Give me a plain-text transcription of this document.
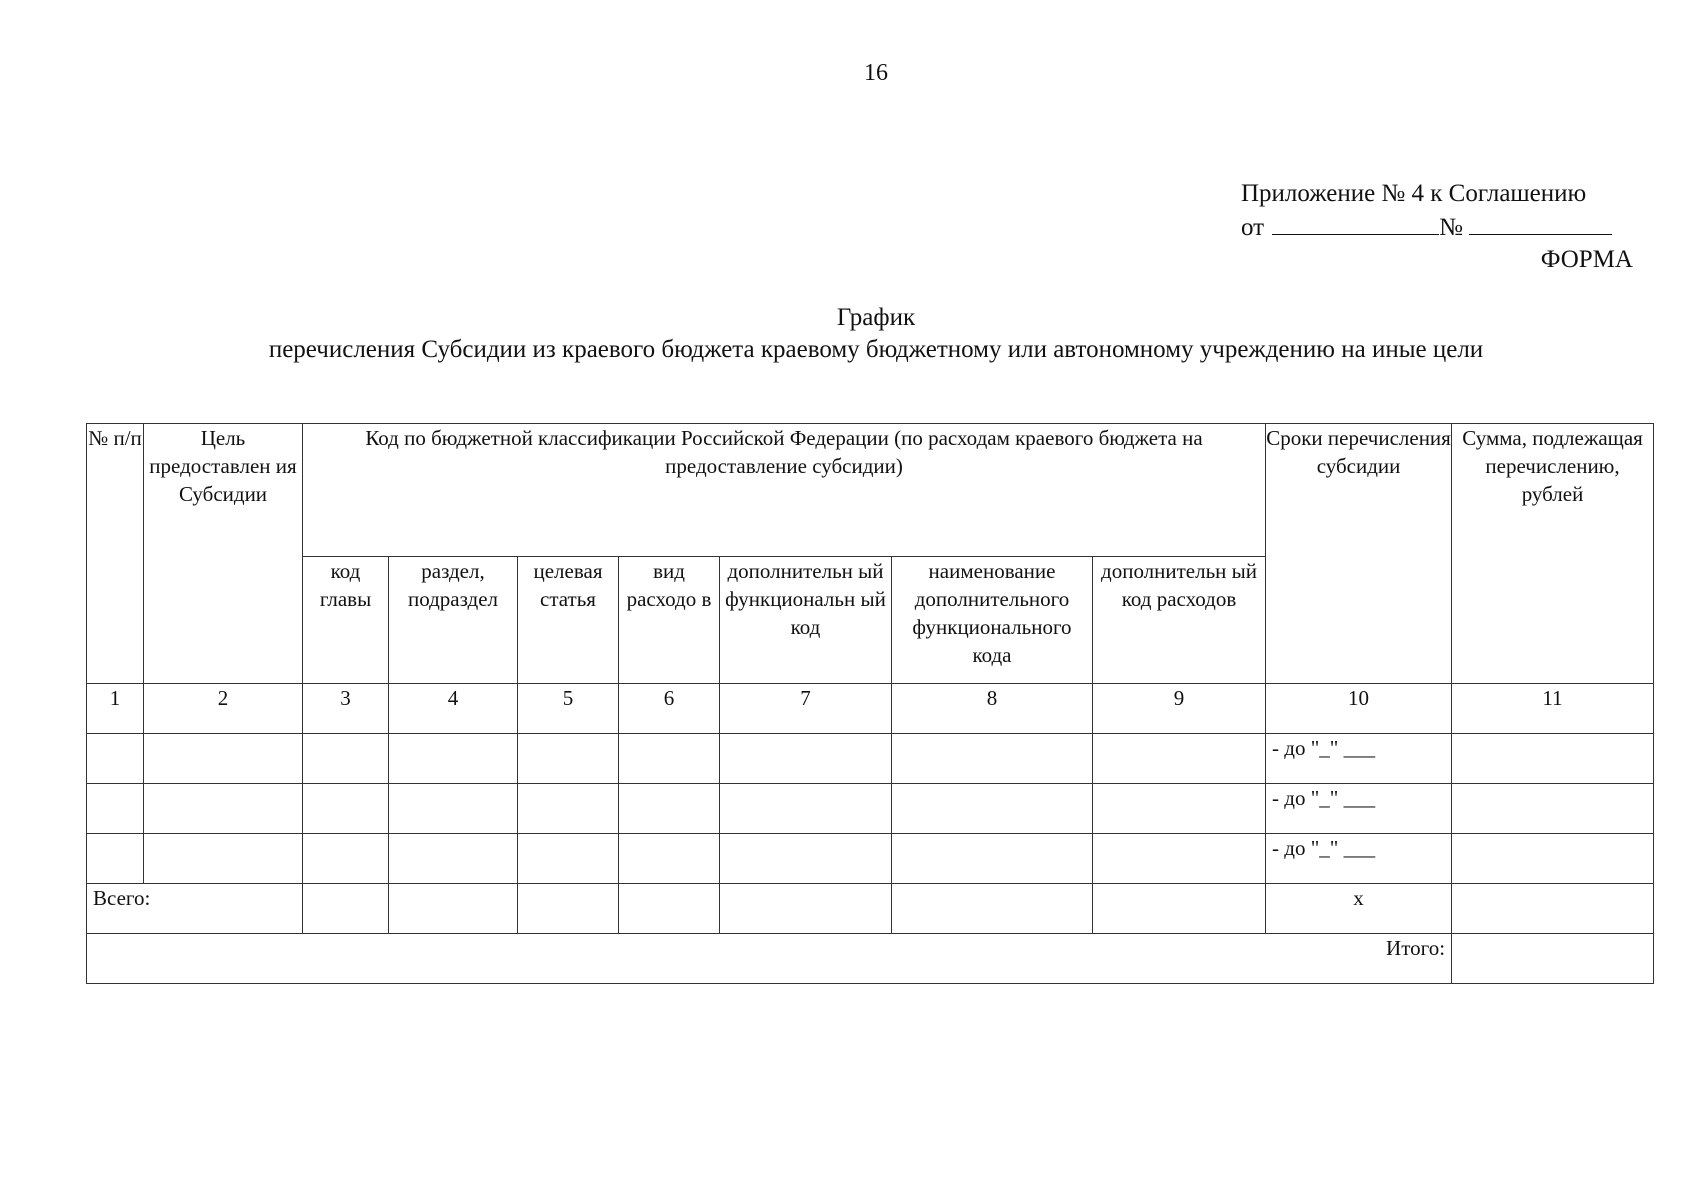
16
Приложение № 4 к Соглашению
от	№
ФОРМА
График
перечисления Субсидии из краевого бюджета краевому бюджетному или автономному учреждению на иные цели
№ п/п	Цель предоставлен ия Субсидии	Код по бюджетной классификации Российской Федерации (по расходам краевого бюджета на предоставление субсидии)							Сроки перечисления субсидии	Сумма, подлежащая перечислению, рублей
		код главы	раздел, подраздел	целевая статья	вид расходо в	дополнительн ый функциональн ый код	наименование дополнительного функционального кода	дополнительн ый код расходов		
1	2	3	4	5	6	7	8	9	10	11
									- до "_" ___	
									- до "_" ___	
									- до "_" ___	
Всего:									х	
Итого:										
